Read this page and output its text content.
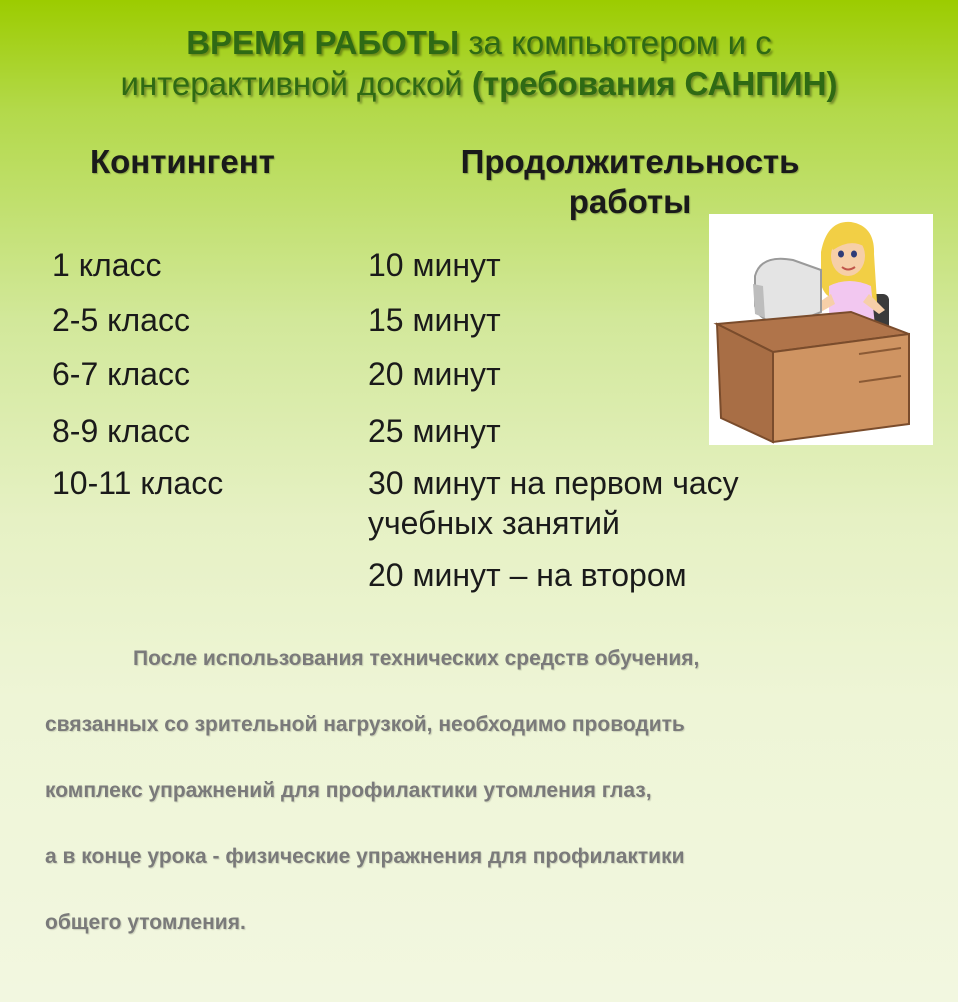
ВРЕМЯ РАБОТЫ за компьютером и с
интерактивной доской (требования САНПИН)
Контингент	Продолжительность
работы
1 класс	10 минут
2-5 класс	15 минут
6-7 класс	20 минут
8-9 класс	25 минут
10-11 класс	30 минут на первом часу
учебных занятий
20 минут – на втором
После использования технических средств обучения,
связанных со зрительной нагрузкой, необходимо проводить
комплекс упражнений для профилактики утомления глаз,
а в конце урока - физические упражнения для профилактики
общего утомления.
